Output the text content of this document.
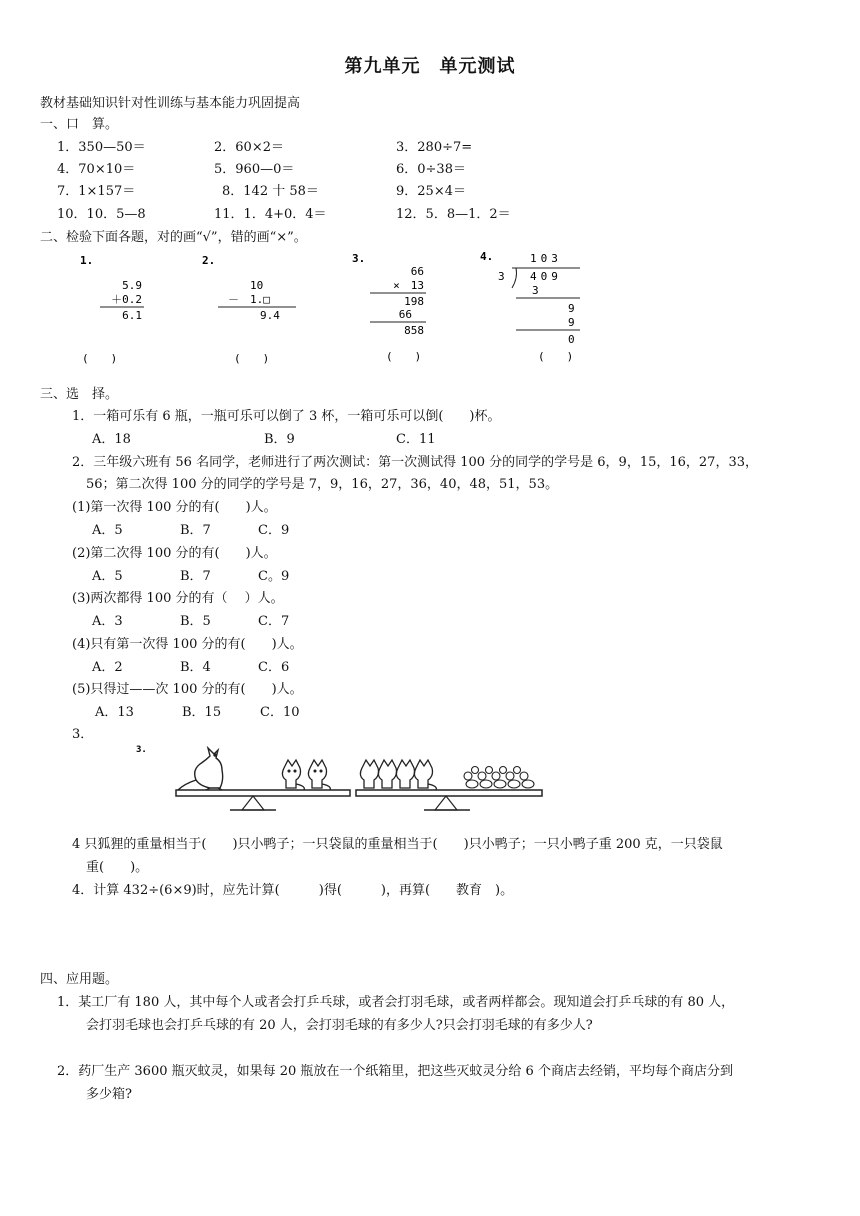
第九单元　单元测试
教材基础知识针对性训练与基本能力巩固提高
一、口　算。
1．350—50＝	2．60×2＝	3．280÷7=
4．70×10＝	5．960—0＝	6．0÷38＝
7．1×157＝	8．142 十 58＝	9．25×4＝
10．10．5—8	11．1．4+0．4＝	12．5．8—1．2＝
二、检验下面各题，对的画“√”，错的画“×”。
1.
5.9
＋0.2
6.1
(　　)
2.
10
－　1.□
9.4
(　　)
3.
66
×　13
198
66
858
(　　)
4.	103
3 409
3
9
9
0
(　　)
三、选　择。
1．一箱可乐有 6 瓶，一瓶可乐可以倒了 3 杯，一箱可乐可以倒(　　)杯。
A．18	B．9	C．11
2．三年级六班有 56 名同学，老师进行了两次测试：第一次测试得 100 分的同学的学号是 6，9，15，16，27，33，
56；第二次得 100 分的同学的学号是 7，9，16，27，36，40，48，51，53。
(1)第一次得 100 分的有(　　)人。
A．5	B．7	C．9
(2)第二次得 100 分的有(　　)人。
A．5	B．7	C。9
(3)两次都得 100 分的有（　 ）人。
A．3	B．5	C．7
(4)只有第一次得 100 分的有(　　)人。
A．2	B．4	C．6
(5)只得过——次 100 分的有(　　)人。
A．13	B．15	C．10
3．
3.
4 只狐狸的重量相当于(　　)只小鸭子；一只袋鼠的重量相当于(　　)只小鸭子；一只小鸭子重 200 克，一只袋鼠
重(　　)。
4．计算 432÷(6×9)时，应先计算(　　　)得(　　　)，再算(　　教育　)。
四、应用题。
1．某工厂有 180 人，其中每个人或者会打乒乓球，或者会打羽毛球，或者两样都会。现知道会打乒乓球的有 80 人，
会打羽毛球也会打乒乓球的有 20 人，会打羽毛球的有多少人?只会打羽毛球的有多少人?
2．药厂生产 3600 瓶灭蚊灵，如果每 20 瓶放在一个纸箱里，把这些灭蚊灵分给 6 个商店去经销，平均每个商店分到
多少箱?
